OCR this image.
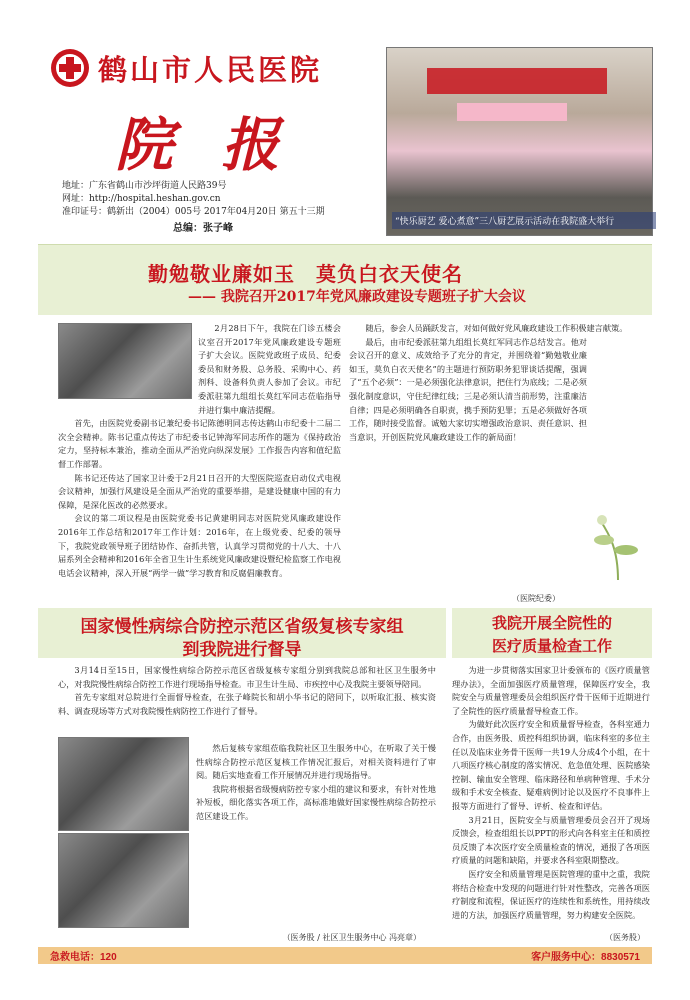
鹤山市人民医院
院 报
地址：广东省鹤山市沙坪街道人民路39号
网址：http://hospital.heshan.gov.cn
准印证号：鹤新出（2004）005号 2017年04月20日 第五十三期
总编：张子峰
“快乐厨艺 爱心煮意”三八厨艺展示活动在我院盛大举行
勤勉敬业廉如玉　莫负白衣天使名
—— 我院召开2017年党风廉政建设专题班子扩大会议

2月28日下午，我院在门诊五楼会议室召开2017年党风廉政建设专题班子扩大会议。医院党政班子成员、纪委委员和财务股、总务股、采购中心、药剂科、设备科负责人参加了会议。市纪委派驻第九组组长莫红军同志莅临指导并进行集中廉洁提醒。

首先，由医院党委副书记兼纪委书记陈德明同志传达鹤山市纪委十二届二次全会精神。陈书记重点传达了市纪委书记钟海军同志所作的题为《保持政治定力，坚持标本兼治，推动全面从严治党向纵深发展》工作报告内容和值纪监督工作部署。

陈书记还传达了国家卫计委于2月21日召开的大型医院巡查启动仪式电视会议精神，加强行风建设是全面从严治党的重要举措，是建设健康中国的有力保障，是深化医改的必然要求。

会议的第二项议程是由医院党委书记黄建明同志对医院党风廉政建设作2016年工作总结和2017年工作计划：2016年，在上级党委、纪委的领导下，我院党政领导班子团结协作、奋抓共管，认真学习贯彻党的十八大、十八届系列全会精神和2016年全省卫生计生系统党风廉政建设暨纪检监察工作电视电话会议精神，深入开展“两学一做”学习教育和反腐倡廉教育。

随后，参会人员踊跃发言，对如何做好党风廉政建设工作积极建言献策。

最后，由市纪委派驻第九组组长莫红军同志作总结发言。他对会议召开的意义、成效给予了充分的肯定，并围绕着“勤勉敬业廉如玉，莫负白衣天使名”的主题进行预防职务犯罪谈话提醒，强调了“五个必须”：一是必须强化法律意识，把住行为底线；二是必须强化制度意识，守住纪律红线；三是必须认清当前形势，注重廉洁自律；四是必须明确各自职责，携手预防犯罪；五是必须做好各项工作，随时接受监督。诚勉大家切实增强政治意识、责任意识、担当意识，开创医院党风廉政建设工作的新局面！

（医院纪委）
国家慢性病综合防控示范区省级复核专家组
到我院进行督导

3月14日至15日，国家慢性病综合防控示范区省级复核专家组分别到我院总部和社区卫生服务中心，对我院慢性病综合防控工作进行现场指导检查。市卫生计生局、市疾控中心及我院主要领导陪同。

首先专家组对总院进行全面督导检查，在张子峰院长和胡小华书记的陪同下，以听取汇报、核实资料、调查现场等方式对我院慢性病防控工作进行了督导。

然后复核专家组莅临我院社区卫生服务中心，在听取了关于慢性病综合防控示范区复核工作情况汇报后，对相关资料进行了审阅。随后实地查看工作开展情况并进行现场指导。

我院将根据省级慢病防控专家小组的建议和要求，有针对性地补短板，细化落实各项工作，高标准地做好国家慢性病综合防控示范区建设工作。

（医务股 / 社区卫生服务中心 冯亮章）
我院开展全院性的
医疗质量检查工作

为进一步贯彻落实国家卫计委颁布的《医疗质量管理办法》，全面加强医疗质量管理，保障医疗安全，我院安全与质量管理委员会组织医疗骨干医师于近期进行了全院性的医疗质量督导检查工作。

为做好此次医疗安全和质量督导检查，各科室通力合作，由医务股、质控科组织协调，临床科室的多位主任以及临床业务骨干医师一共19人分成4个小组，在十八项医疗核心制度的落实情况、危急值处理、医院感染控制、输血安全管理、临床路径和单病种管理、手术分级和手术安全核查、疑难病例讨论以及医疗不良事件上报等方面进行了督导、评析、检查和评估。

3月21日，医院安全与质量管理委员会召开了现场反馈会，检查组组长以PPT的形式向各科室主任和质控员反馈了本次医疗安全质量检查的情况，通报了各项医疗质量的问题和缺陷，并要求各科室限期整改。

医疗安全和质量管理是医院管理的重中之重，我院将结合检查中发现的问题进行针对性整改，完善各项医疗制度和流程，保证医疗的连续性和系统性，用持续改进的方法，加强医疗质量管理，努力构建安全医院。

（医务股）
急救电话：120	客户服务中心：8830571
